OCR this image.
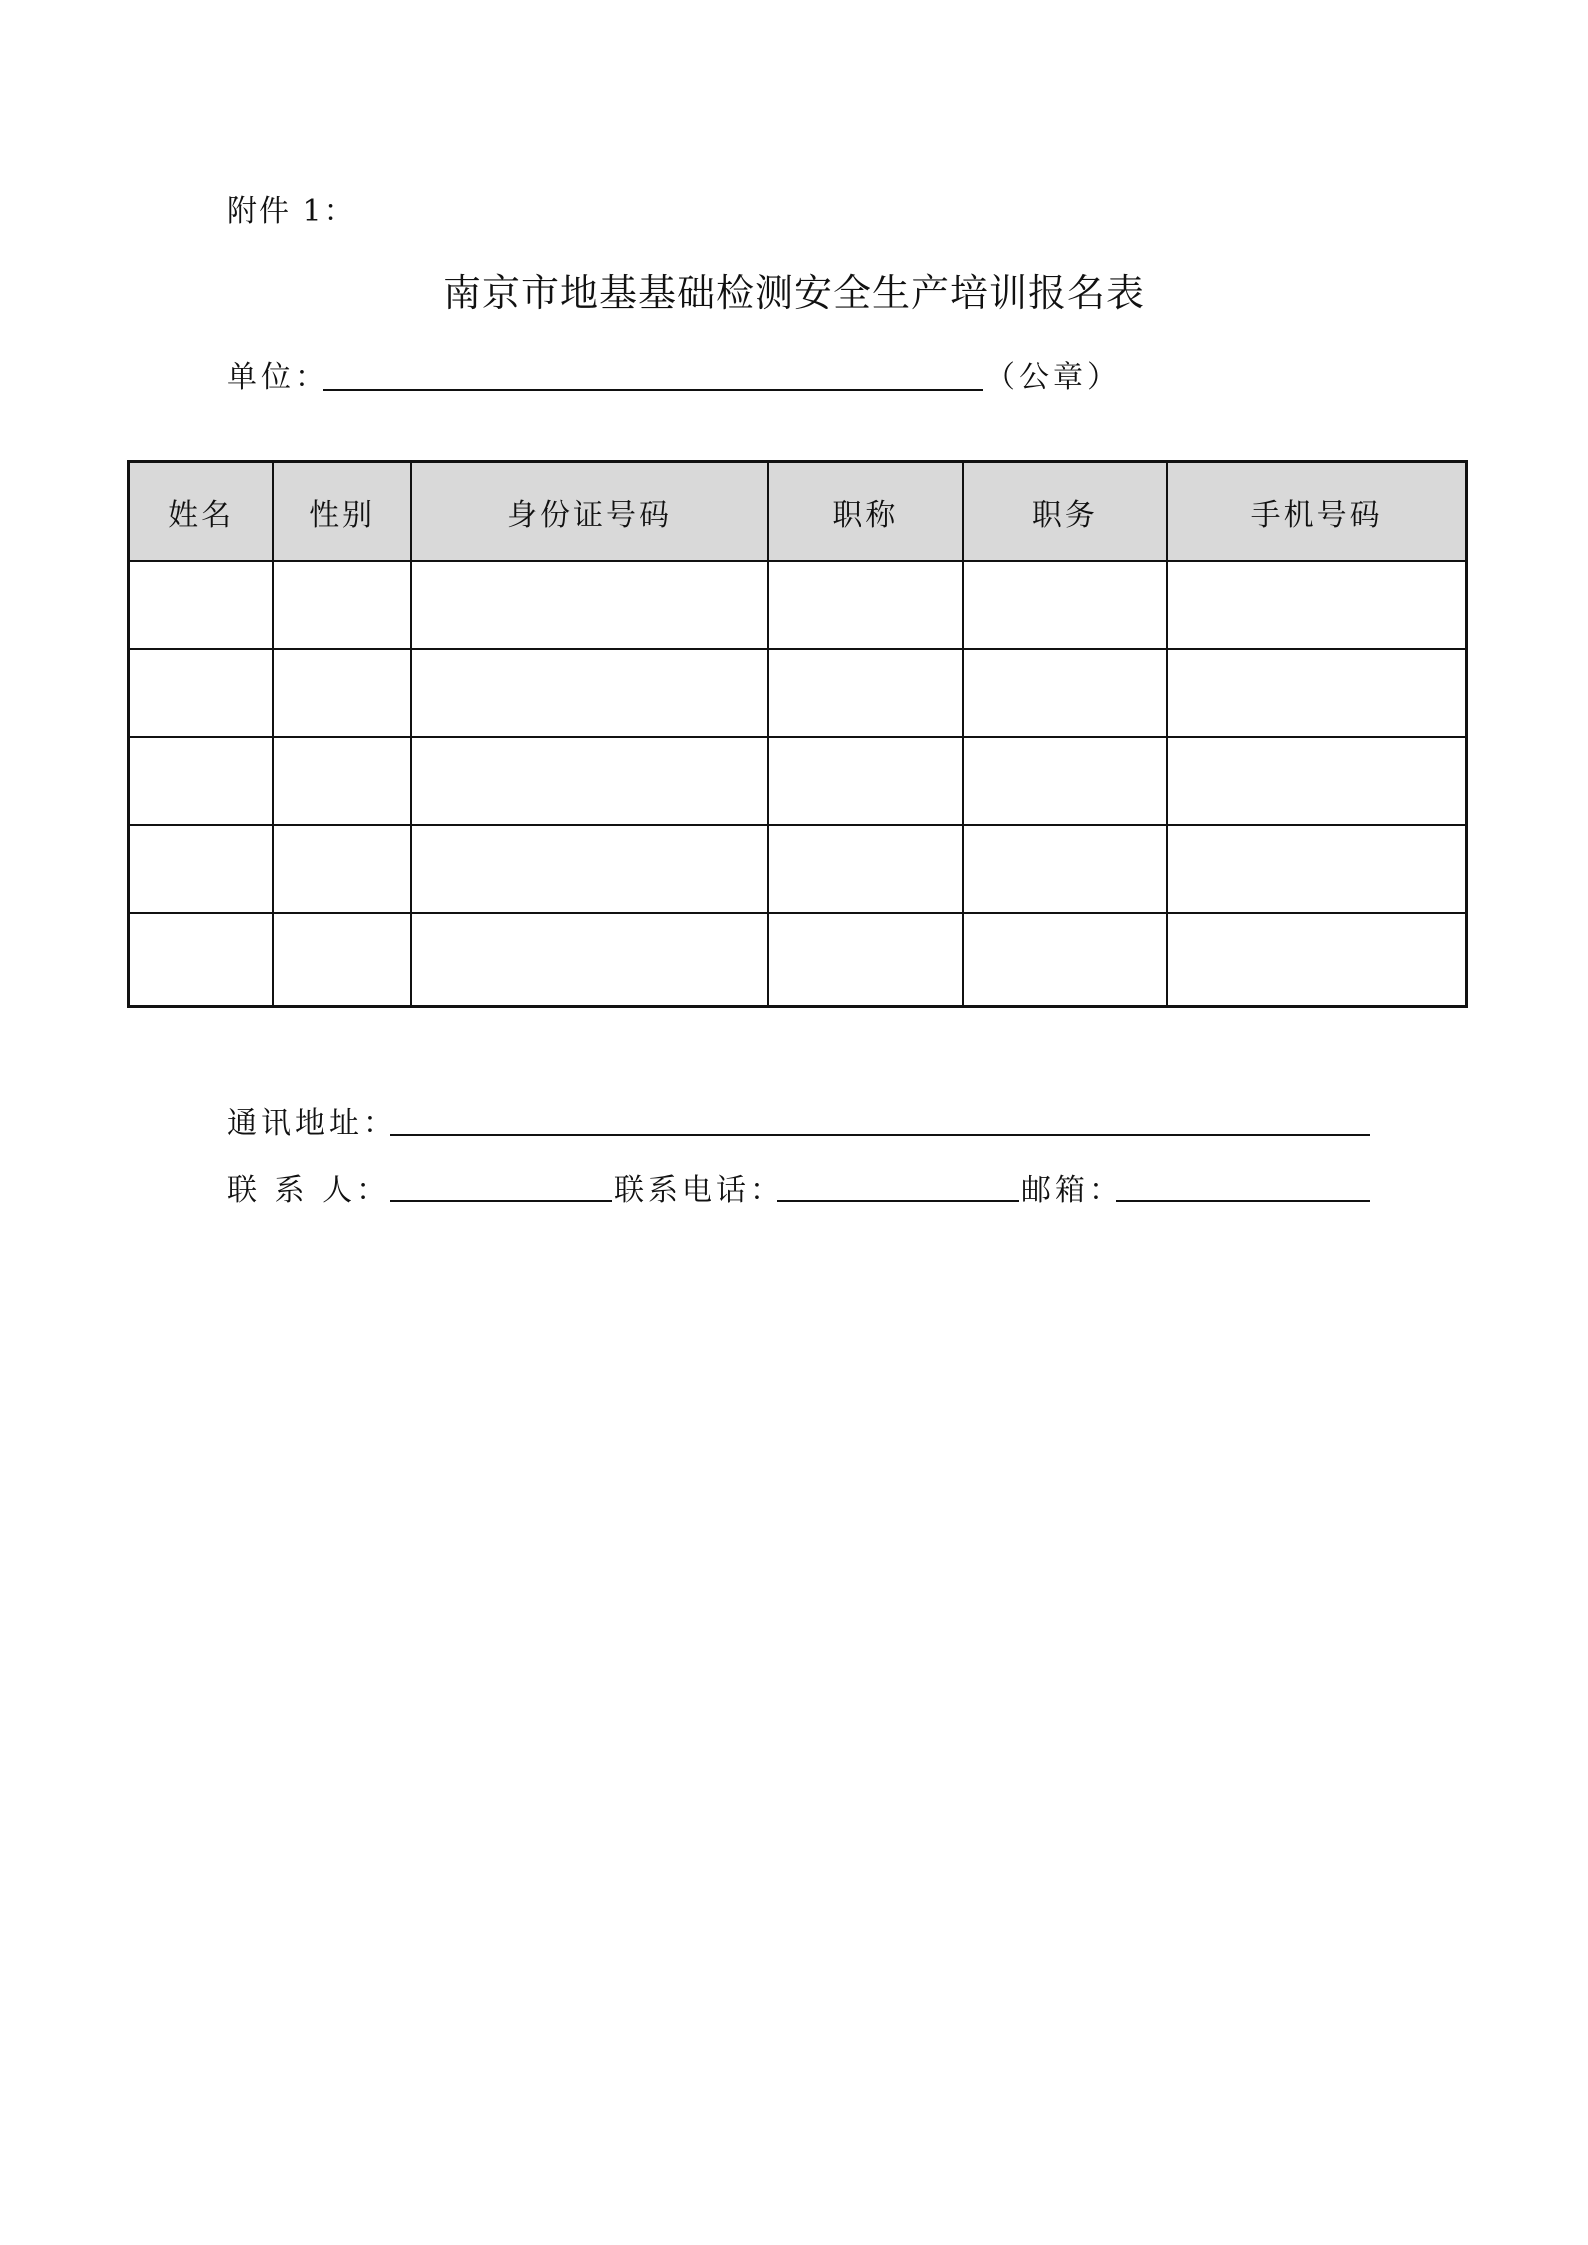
附件 1：
南京市地基基础检测安全生产培训报名表
单位：	（公章）
姓名	性别	身份证号码	职称	职务	手机号码

通讯地址：
联 系 人：	联系电话：	邮箱：
